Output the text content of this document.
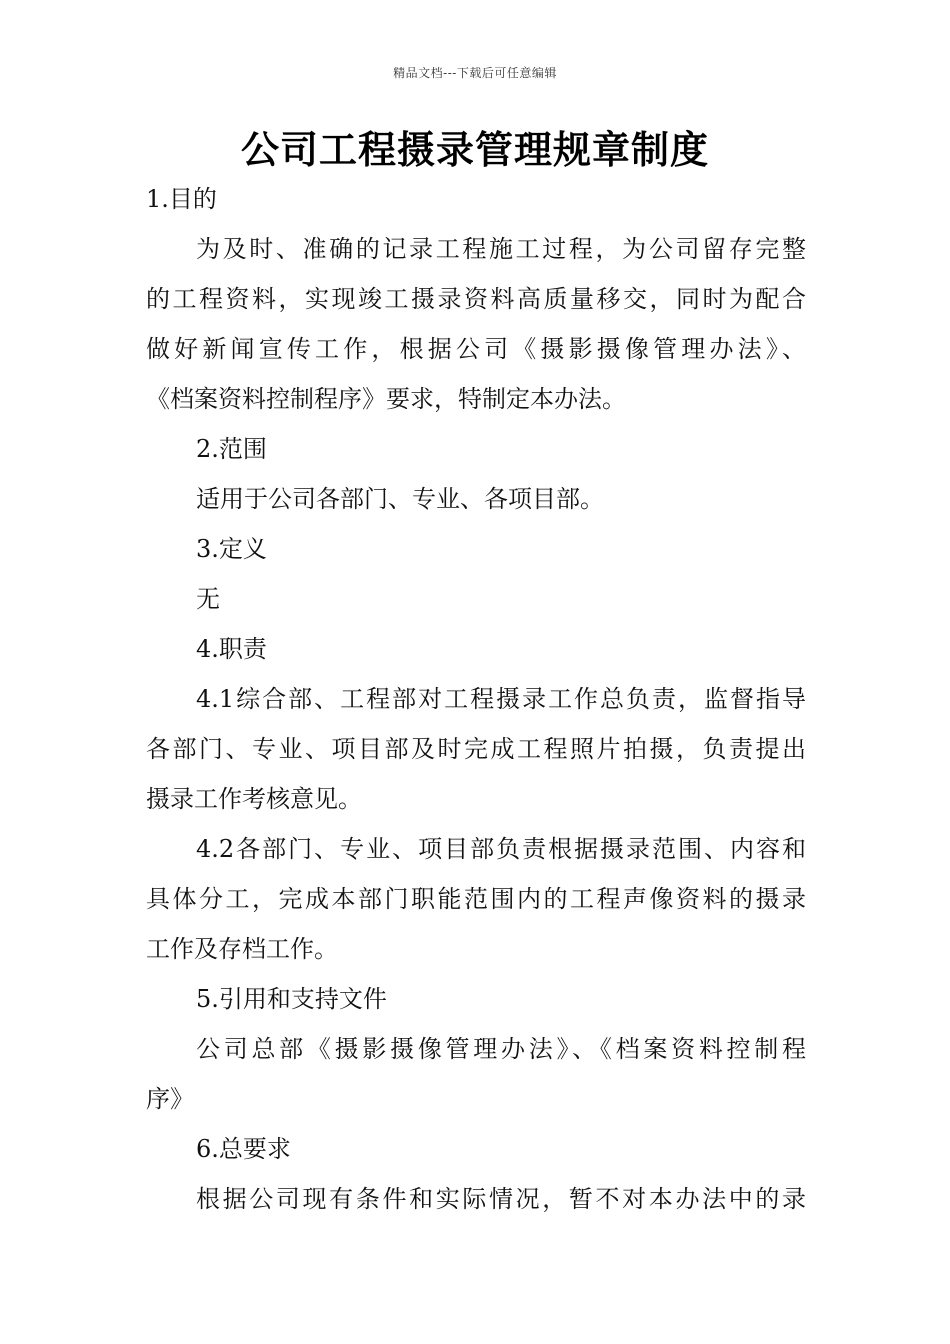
精品文档---下载后可任意编辑
公司工程摄录管理规章制度
1.目的
为及时、准确的记录工程施工过程，为公司留存完整
的工程资料，实现竣工摄录资料高质量移交，同时为配合
做好新闻宣传工作，根据公司《摄影摄像管理办法》、
《档案资料控制程序》要求，特制定本办法。
2.范围
适用于公司各部门、专业、各项目部。
3.定义
无
4.职责
4.1综合部、工程部对工程摄录工作总负责，监督指导
各部门、专业、项目部及时完成工程照片拍摄，负责提出
摄录工作考核意见。
4.2各部门、专业、项目部负责根据摄录范围、内容和
具体分工，完成本部门职能范围内的工程声像资料的摄录
工作及存档工作。
5.引用和支持文件
公司总部《摄影摄像管理办法》、《档案资料控制程
序》
6.总要求
根据公司现有条件和实际情况，暂不对本办法中的录
